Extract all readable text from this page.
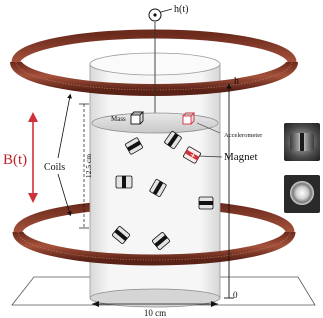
h(t)
h
0
Mass
Accelerometer
Magnet
Coils	12.5 cm
B(t)
10 cm
